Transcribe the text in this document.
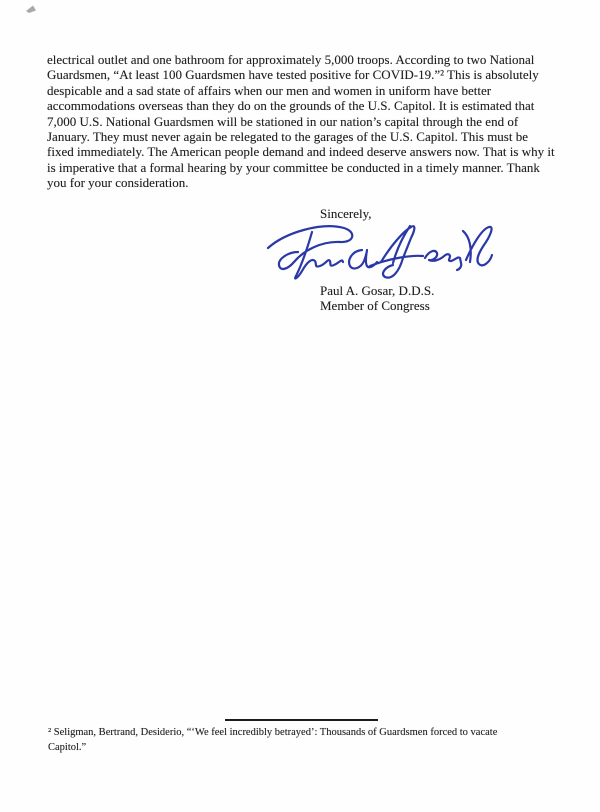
electrical outlet and one bathroom for approximately 5,000 troops. According to two National Guardsmen, “At least 100 Guardsmen have tested positive for COVID-19.”² This is absolutely despicable and a sad state of affairs when our men and women in uniform have better accommodations overseas than they do on the grounds of the U.S. Capitol. It is estimated that 7,000 U.S. National Guardsmen will be stationed in our nation’s capital through the end of January. They must never again be relegated to the garages of the U.S. Capitol. This must be fixed immediately. The American people demand and indeed deserve answers now. That is why it is imperative that a formal hearing by your committee be conducted in a timely manner. Thank you for your consideration.

Sincerely,
Paul A. Gosar, D.D.S.
Member of Congress

² Seligman, Bertrand, Desiderio, “‘We feel incredibly betrayed’: Thousands of Guardsmen forced to vacate Capitol.”
